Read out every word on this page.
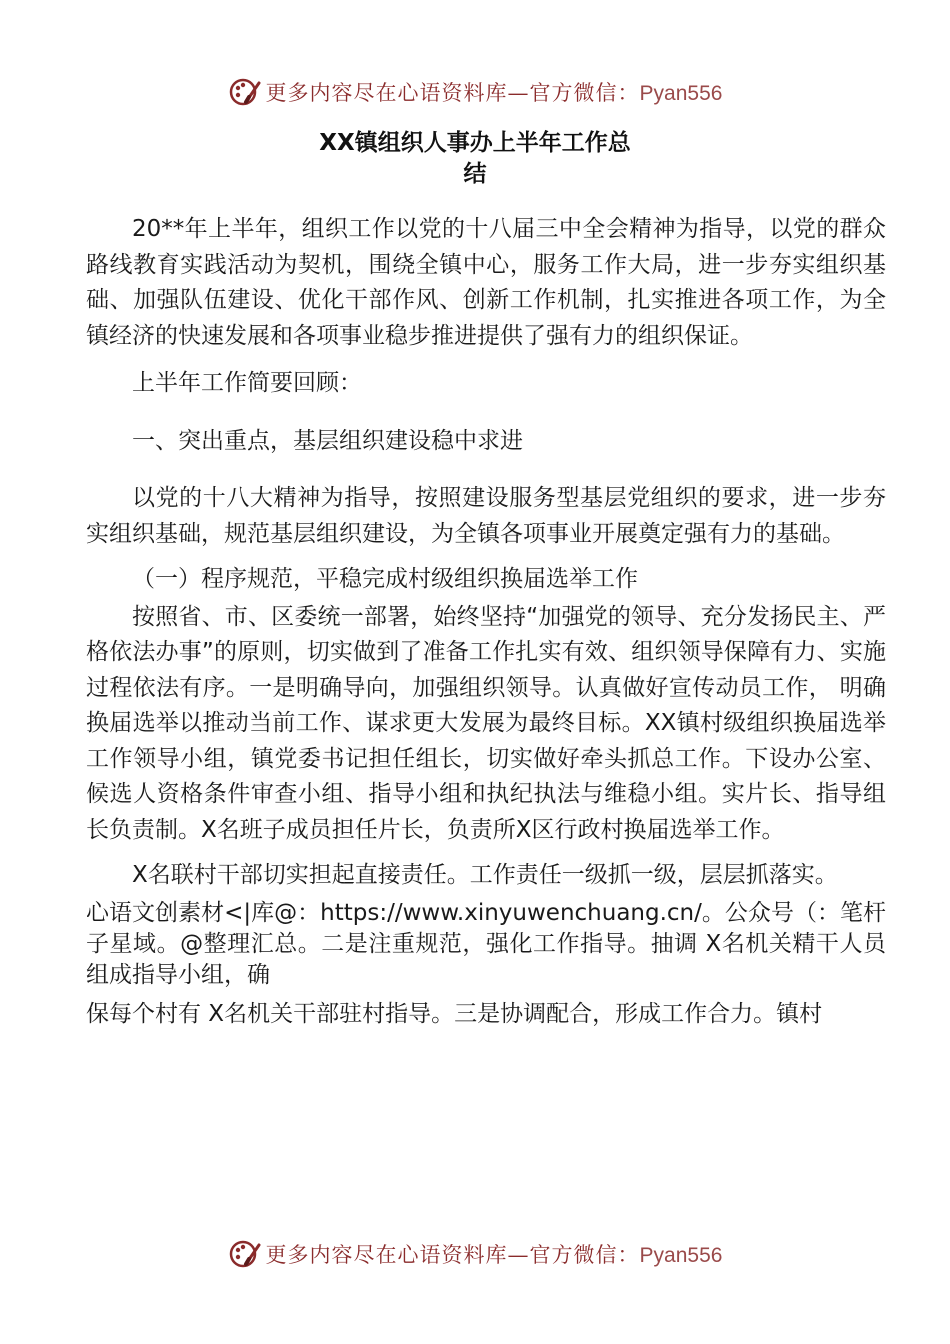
更多内容尽在心语资料库—官方微信：Pyan556
XX镇组织人事办上半年工作总
结

20**年上半年，组织工作以党的十八届三中全会精神为指导，以党的群众路线教育实践活动为契机，围绕全镇中心，服务工作大局，进一步夯实组织基础、加强队伍建设、优化干部作风、创新工作机制，扎实推进各项工作，为全镇经济的快速发展和各项事业稳步推进提供了强有力的组织保证。

上半年工作简要回顾：

一、突出重点，基层组织建设稳中求进

以党的十八大精神为指导，按照建设服务型基层党组织的要求，进一步夯实组织基础，规范基层组织建设，为全镇各项事业开展奠定强有力的基础。

（一）程序规范，平稳完成村级组织换届选举工作

按照省、市、区委统一部署，始终坚持“加强党的领导、充分发扬民主、严格依法办事”的原则，切实做到了准备工作扎实有效、组织领导保障有力、实施过程依法有序。一是明确导向，加强组织领导。认真做好宣传动员工作， 明确换届选举以推动当前工作、谋求更大发展为最终目标。XX镇村级组织换届选举工作领导小组，镇党委书记担任组长，切实做好牵头抓总工作。下设办公室、候选人资格条件审查小组、指导小组和执纪执法与维稳小组。实片长、指导组长负责制。X名班子成员担任片长，负责所X区行政村换届选举工作。

X名联村干部切实担起直接责任。工作责任一级抓一级，层层抓落实。

心语文创素材<|库@：https://www.xinyuwenchuang.cn/。公众号（：笔杆子星域。@整理汇总。二是注重规范，强化工作指导。抽调 X名机关精干人员组成指导小组，确

保每个村有 X名机关干部驻村指导。三是协调配合，形成工作合力。镇村

更多内容尽在心语资料库—官方微信：Pyan556
